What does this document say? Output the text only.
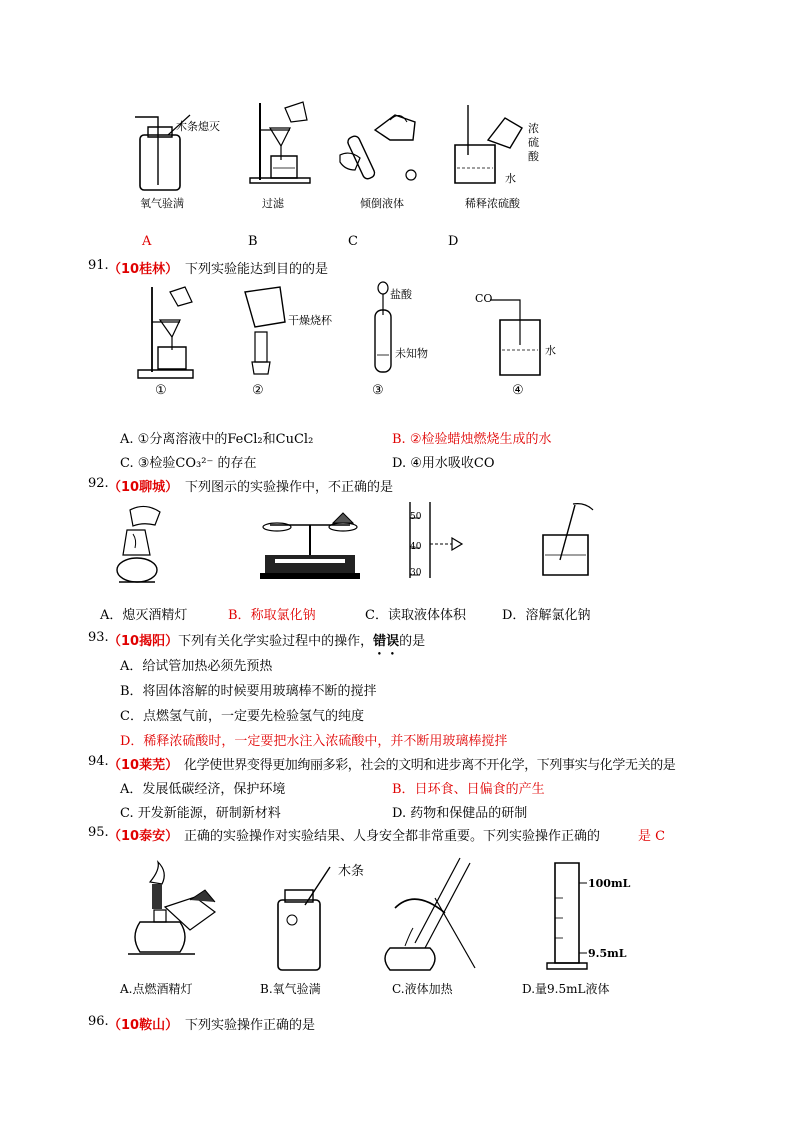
木条熄灭	浓
硫
酸
水
氧气验满	过滤	倾倒液体	稀释浓硫酸
A	B	C	D
91. （10桂林） 下列实验能达到目的的是
干燥烧杯
盐酸
未知物
CO
水
①	②	③	④
A. ①分离溶液中的FeCl₂和CuCl₂	B. ②检验蜡烛燃烧生成的水
C. ③检验CO₃²⁻ 的存在	D. ④用水吸收CO
92. （10聊城） 下列图示的实验操作中，不正确的是
50
40
30
A．熄灭酒精灯	B．称取氯化钠	C．读取液体体积	D．溶解氯化钠
93. （10揭阳）下列有关化学实验过程中的操作，错误的是
A．给试管加热必须先预热
B．将固体溶解的时候要用玻璃棒不断的搅拌
C．点燃氢气前，一定要先检验氢气的纯度
D．稀释浓硫酸时，一定要把水注入浓硫酸中，并不断用玻璃棒搅拌
94. （10莱芜） 化学使世界变得更加绚丽多彩，社会的文明和进步离不开化学，下列事实与化学无关的是
A．发展低碳经济，保护环境	B．日环食、日偏食的产生
C. 开发新能源，研制新材料	D. 药物和保健品的研制
95. （10泰安） 正确的实验操作对实验结果、人身安全都非常重要。下列实验操作正确的	是 C
木条
100mL
9.5mL
A.点燃酒精灯	B.氧气验满	C.液体加热	D.量9.5mL液体
96. （10鞍山） 下列实验操作正确的是
